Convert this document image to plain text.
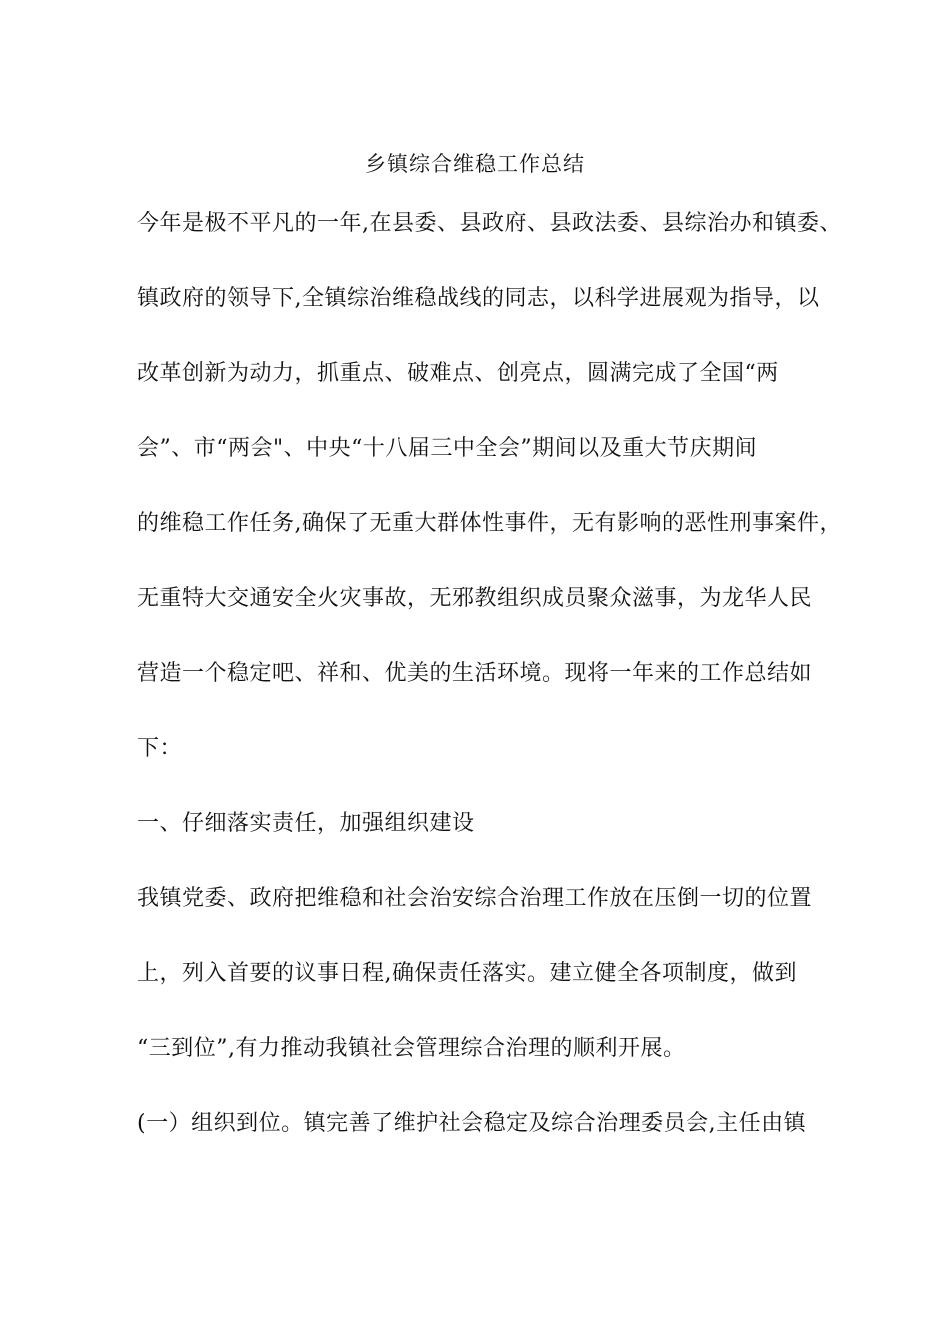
乡镇综合维稳工作总结
今年是极不平凡的一年,在县委、县政府、县政法委、县综治办和镇委、
镇政府的领导下,全镇综治维稳战线的同志，以科学进展观为指导，以
改革创新为动力，抓重点、破难点、创亮点，圆满完成了全国“两
会”、市“两会"、中央“十八届三中全会”期间以及重大节庆期间
的维稳工作任务,确保了无重大群体性事件，无有影响的恶性刑事案件，
无重特大交通安全火灾事故，无邪教组织成员聚众滋事，为龙华人民
营造一个稳定吧、祥和、优美的生活环境。现将一年来的工作总结如
下：
一、仔细落实责任，加强组织建设
我镇党委、政府把维稳和社会治安综合治理工作放在压倒一切的位置
上，列入首要的议事日程,确保责任落实。建立健全各项制度，做到
“三到位”,有力推动我镇社会管理综合治理的顺利开展。
(一）组织到位。镇完善了维护社会稳定及综合治理委员会,主任由镇
